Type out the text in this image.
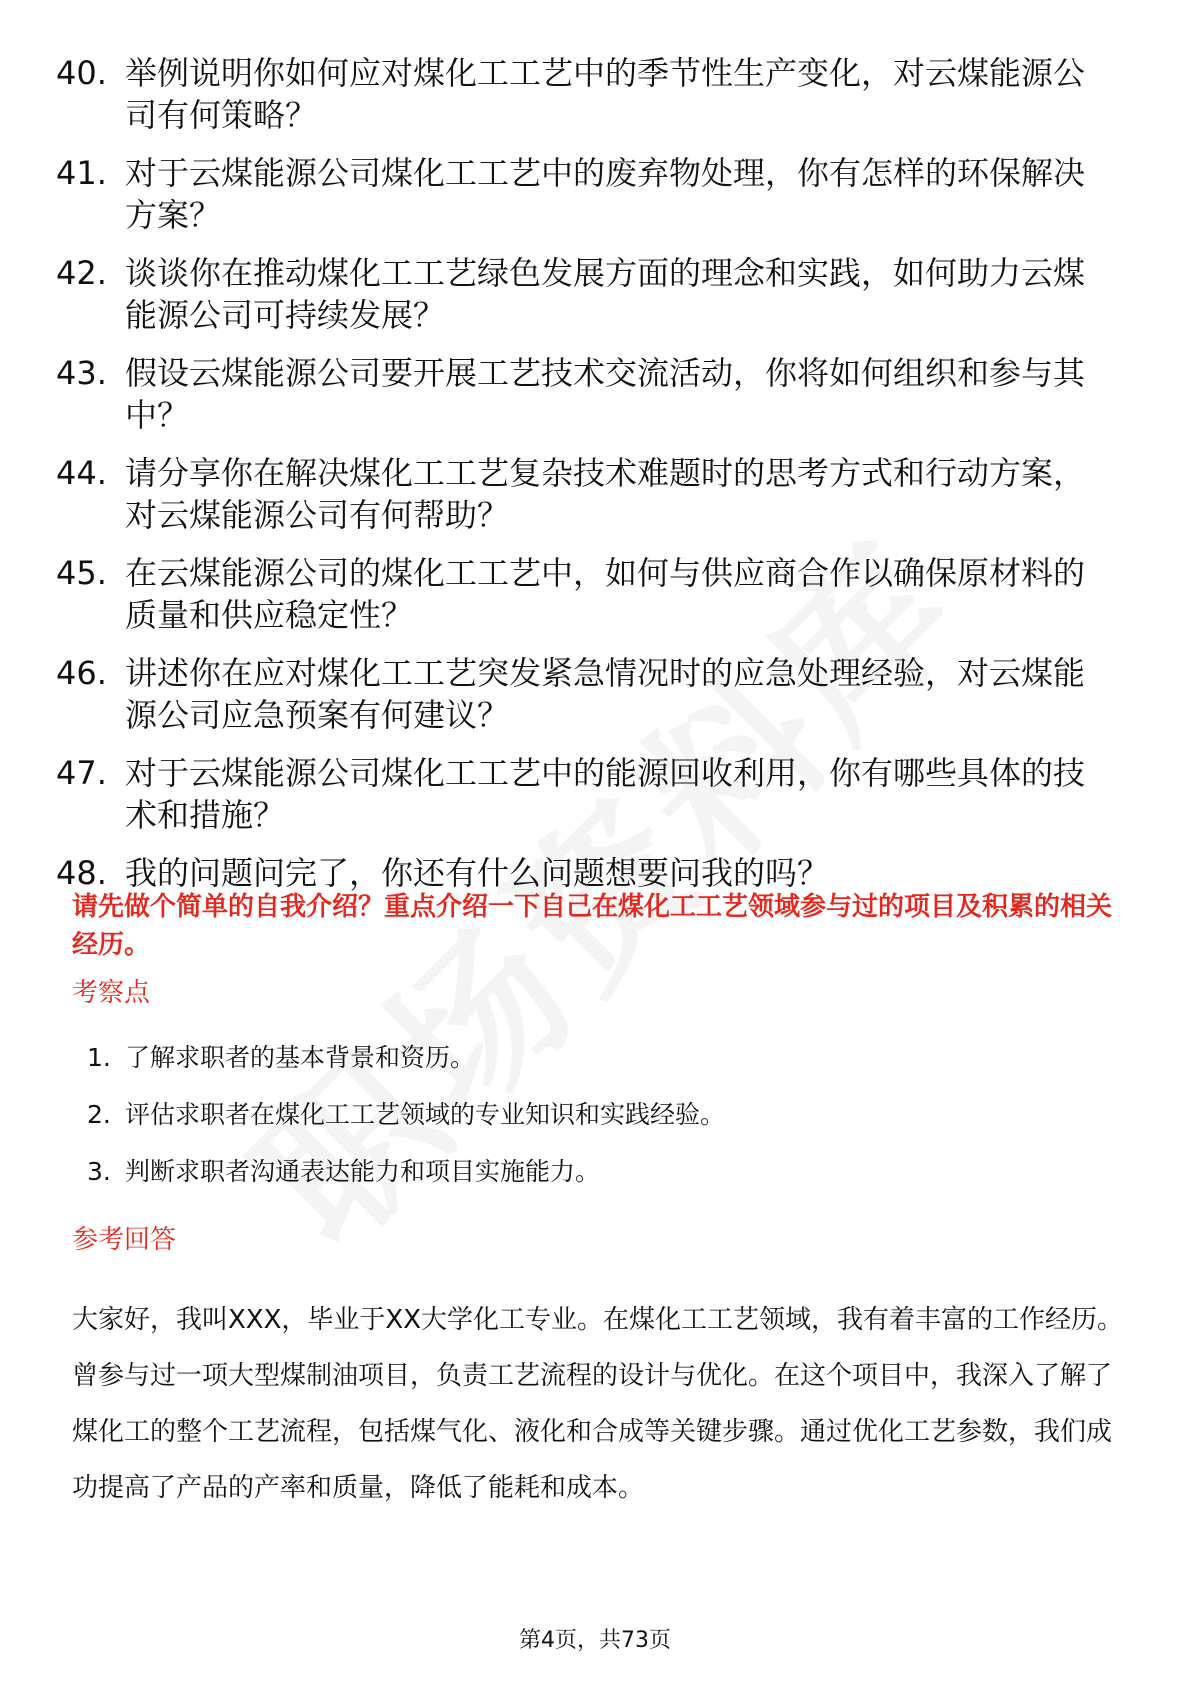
40. 举例说明你如何应对煤化工工艺中的季节性生产变化，对云煤能源公司有何策略？
41. 对于云煤能源公司煤化工工艺中的废弃物处理，你有怎样的环保解决方案？
42. 谈谈你在推动煤化工工艺绿色发展方面的理念和实践，如何助力云煤能源公司可持续发展？
43. 假设云煤能源公司要开展工艺技术交流活动，你将如何组织和参与其中？
44. 请分享你在解决煤化工工艺复杂技术难题时的思考方式和行动方案，对云煤能源公司有何帮助？
45. 在云煤能源公司的煤化工工艺中，如何与供应商合作以确保原材料的质量和供应稳定性？
46. 讲述你在应对煤化工工艺突发紧急情况时的应急处理经验，对云煤能源公司应急预案有何建议？
47. 对于云煤能源公司煤化工工艺中的能源回收利用，你有哪些具体的技术和措施？
48. 我的问题问完了，你还有什么问题想要问我的吗？
请先做个简单的自我介绍？重点介绍一下自己在煤化工工艺领域参与过的项目及积累的相关经历。
考察点
1. 了解求职者的基本背景和资历。
2. 评估求职者在煤化工工艺领域的专业知识和实践经验。
3. 判断求职者沟通表达能力和项目实施能力。
参考回答
大家好，我叫XXX，毕业于XX大学化工专业。在煤化工工艺领域，我有着丰富的工作经历。曾参与过一项大型煤制油项目，负责工艺流程的设计与优化。在这个项目中，我深入了解了煤化工的整个工艺流程，包括煤气化、液化和合成等关键步骤。通过优化工艺参数，我们成功提高了产品的产率和质量，降低了能耗和成本。
第4页，共73页
